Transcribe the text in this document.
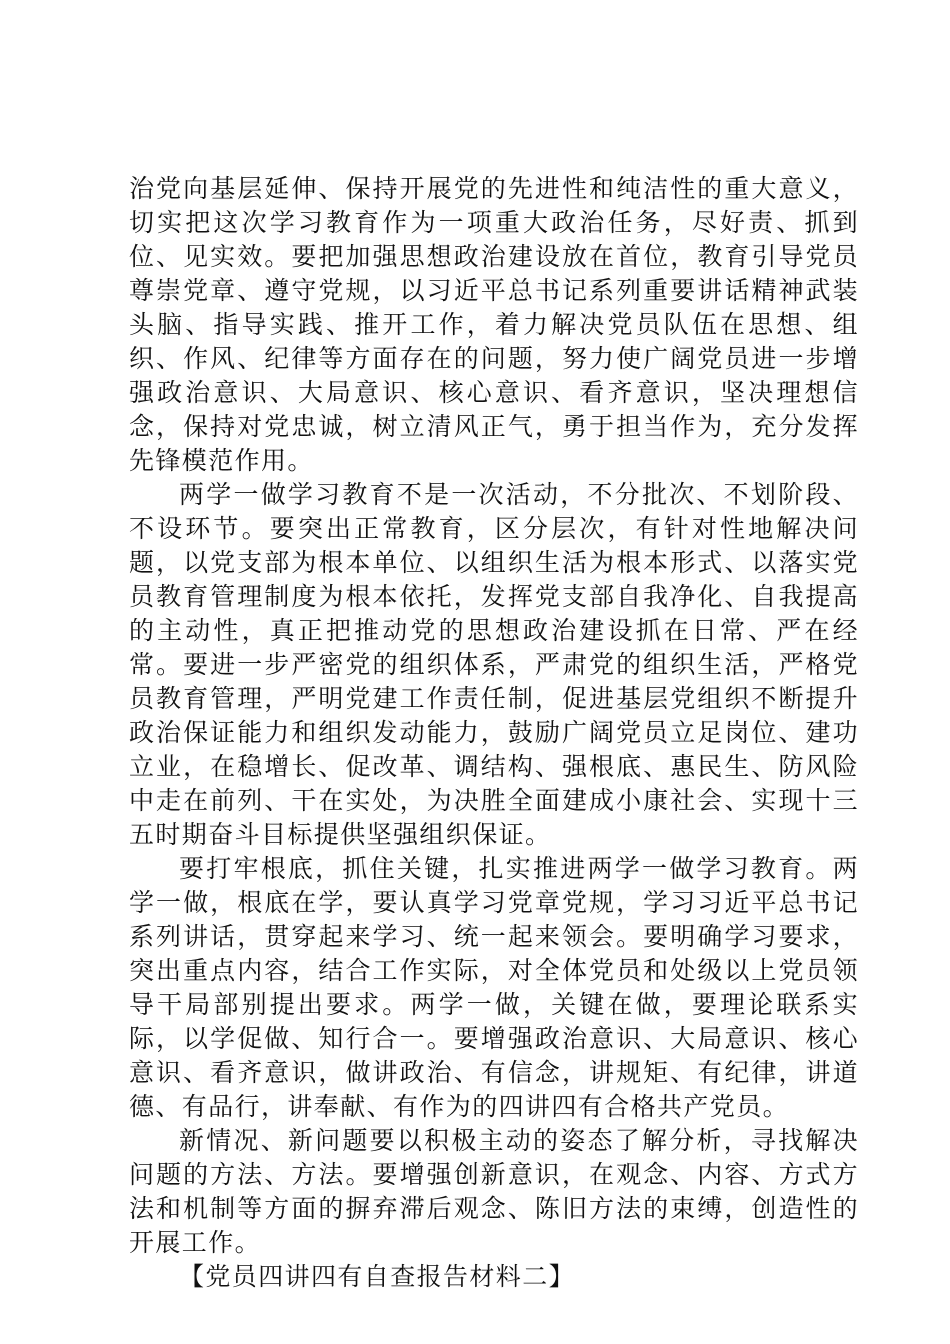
治党向基层延伸、保持开展党的先进性和纯洁性的重大意义，切实把这次学习教育作为一项重大政治任务，尽好责、抓到位、见实效。要把加强思想政治建设放在首位，教育引导党员尊崇党章、遵守党规，以习近平总书记系列重要讲话精神武装头脑、指导实践、推开工作，着力解决党员队伍在思想、组织、作风、纪律等方面存在的问题，努力使广阔党员进一步增强政治意识、大局意识、核心意识、看齐意识，坚决理想信念，保持对党忠诚，树立清风正气，勇于担当作为，充分发挥先锋模范作用。

两学一做学习教育不是一次活动，不分批次、不划阶段、不设环节。要突出正常教育，区分层次，有针对性地解决问题，以党支部为根本单位、以组织生活为根本形式、以落实党员教育管理制度为根本依托，发挥党支部自我净化、自我提高的主动性，真正把推动党的思想政治建设抓在日常、严在经常。要进一步严密党的组织体系，严肃党的组织生活，严格党员教育管理，严明党建工作责任制，促进基层党组织不断提升政治保证能力和组织发动能力，鼓励广阔党员立足岗位、建功立业，在稳增长、促改革、调结构、强根底、惠民生、防风险中走在前列、干在实处，为决胜全面建成小康社会、实现十三五时期奋斗目标提供坚强组织保证。

要打牢根底，抓住关键，扎实推进两学一做学习教育。两学一做，根底在学，要认真学习党章党规，学习习近平总书记系列讲话，贯穿起来学习、统一起来领会。要明确学习要求，突出重点内容，结合工作实际，对全体党员和处级以上党员领导干局部别提出要求。两学一做，关键在做，要理论联系实际，以学促做、知行合一。要增强政治意识、大局意识、核心意识、看齐意识，做讲政治、有信念，讲规矩、有纪律，讲道德、有品行，讲奉献、有作为的四讲四有合格共产党员。

新情况、新问题要以积极主动的姿态了解分析，寻找解决问题的方法、方法。要增强创新意识，在观念、内容、方式方法和机制等方面的摒弃滞后观念、陈旧方法的束缚，创造性的开展工作。

【党员四讲四有自查报告材料二】
